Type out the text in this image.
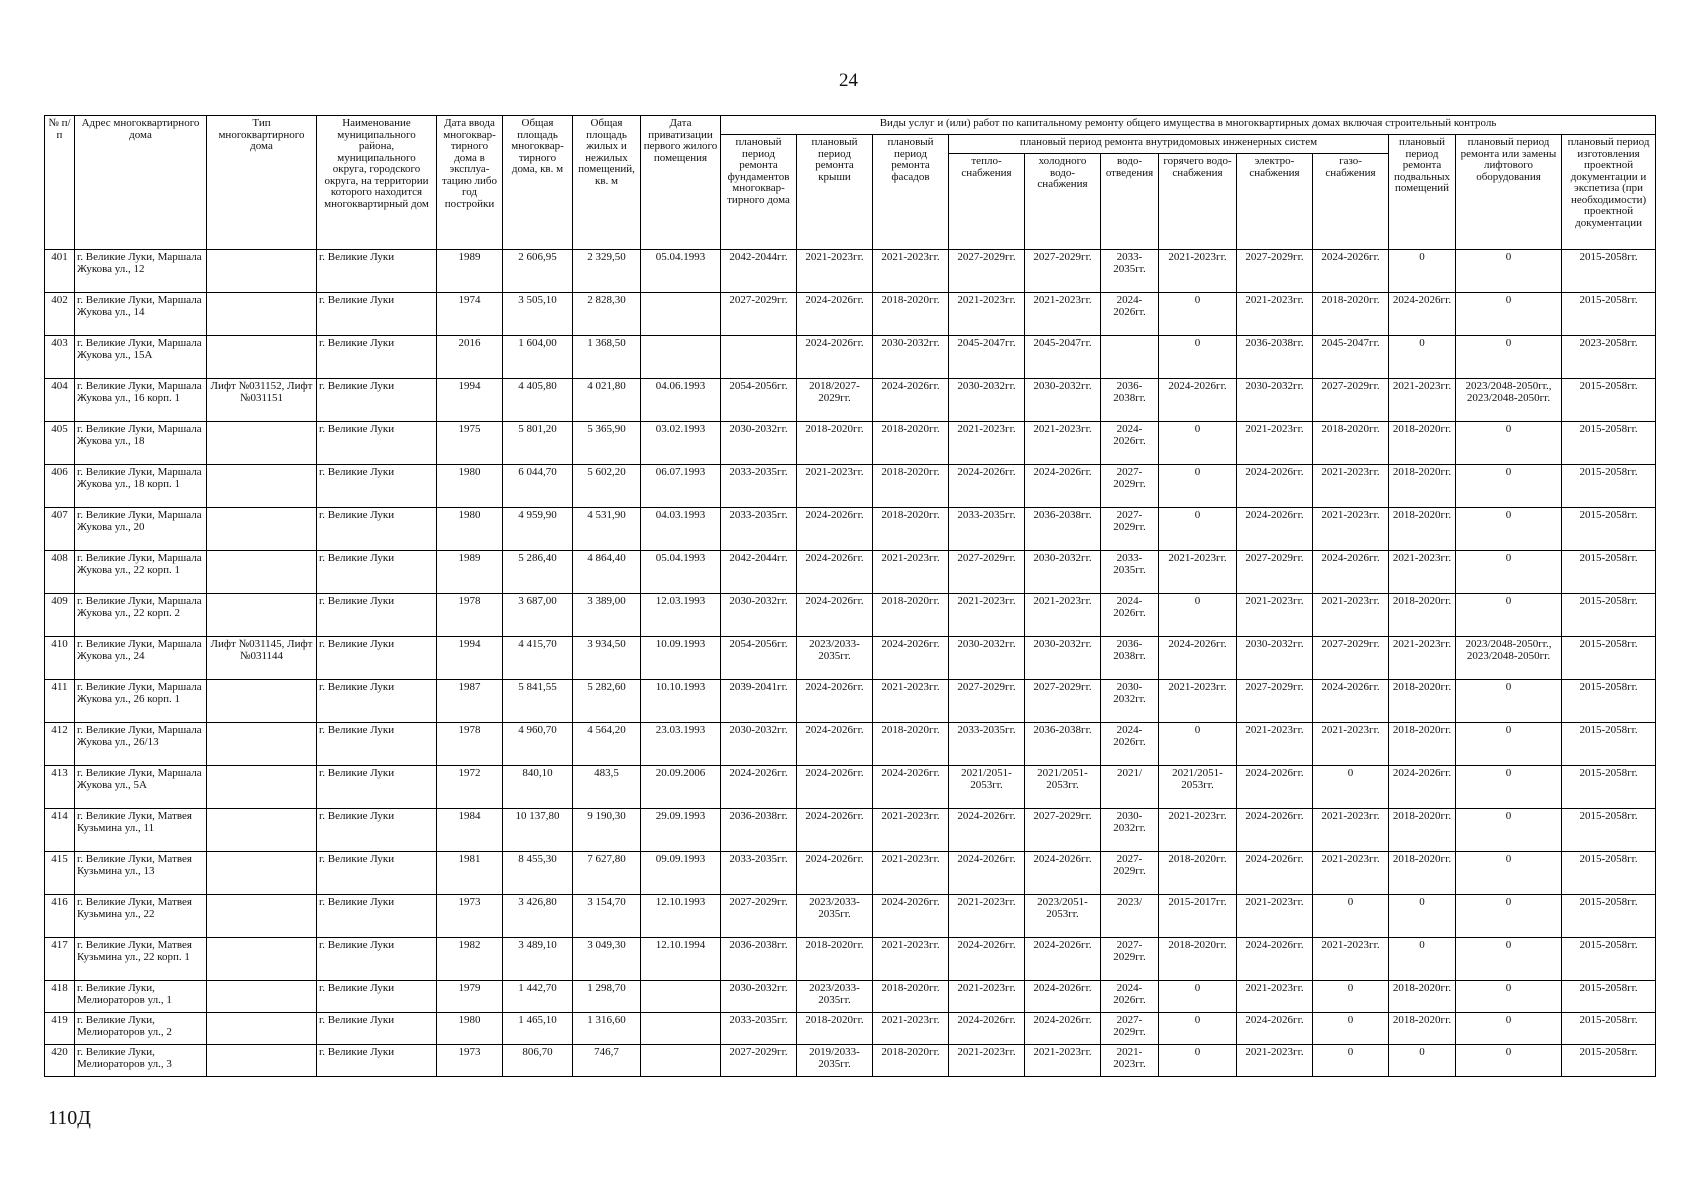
24
№ п/п	Адрес многоквартирного дома	Тип многоквартирного дома	Наименование муниципального района, муниципального округа, городского округа, на территории которого находится многоквартирный дом	Дата ввода многоквар-тирного дома в эксплуа-тацию либо год постройки	Общая площадь многоквар-тирного дома, кв. м	Общая площадь жилых и нежилых помещений, кв. м	Дата приватизации первого жилого помещения	Виды услуг и (или) работ по капитальному ремонту общего имущества в многоквартирных домах включая строительный контроль											
								плановый период ремонта фундаментов многоквар-тирного дома	плановый период ремонта крыши	плановый период ремонта фасадов	плановый период ремонта внутридомовых инженерных систем						плановый период ремонта подвальных помещений	плановый период ремонта или замены лифтового оборудования	плановый период изготовления проектной документации и экспетиза (при необходимости) проектной документации
											тепло-снабжения	холодного водо-снабжения	водо-отведения	горячего водо-снабжения	электро-снабжения	газо-снабжения			
401	г. Великие Луки, Маршала Жукова ул., 12		г. Великие Луки	1989	2 606,95	2 329,50	05.04.1993	2042-2044гг.	2021-2023гг.	2021-2023гг.	2027-2029гг.	2027-2029гг.	2033-2035гг.	2021-2023гг.	2027-2029гг.	2024-2026гг.	0	0	2015-2058гг.
402	г. Великие Луки, Маршала Жукова ул., 14		г. Великие Луки	1974	3 505,10	2 828,30		2027-2029гг.	2024-2026гг.	2018-2020гг.	2021-2023гг.	2021-2023гг.	2024-2026гг.	0	2021-2023гг.	2018-2020гг.	2024-2026гг.	0	2015-2058гг.
403	г. Великие Луки, Маршала Жукова ул., 15А		г. Великие Луки	2016	1 604,00	1 368,50			2024-2026гг.	2030-2032гг.	2045-2047гг.	2045-2047гг.		0	2036-2038гг.	2045-2047гг.	0	0	2023-2058гг.
404	г. Великие Луки, Маршала Жукова ул., 16 корп. 1	Лифт №031152, Лифт №031151	г. Великие Луки	1994	4 405,80	4 021,80	04.06.1993	2054-2056гг.	2018/2027-2029гг.	2024-2026гг.	2030-2032гг.	2030-2032гг.	2036-2038гг.	2024-2026гг.	2030-2032гг.	2027-2029гг.	2021-2023гг.	2023/2048-2050гг., 2023/2048-2050гг.	2015-2058гг.
405	г. Великие Луки, Маршала Жукова ул., 18		г. Великие Луки	1975	5 801,20	5 365,90	03.02.1993	2030-2032гг.	2018-2020гг.	2018-2020гг.	2021-2023гг.	2021-2023гг.	2024-2026гг.	0	2021-2023гг.	2018-2020гг.	2018-2020гг.	0	2015-2058гг.
406	г. Великие Луки, Маршала Жукова ул., 18 корп. 1		г. Великие Луки	1980	6 044,70	5 602,20	06.07.1993	2033-2035гг.	2021-2023гг.	2018-2020гг.	2024-2026гг.	2024-2026гг.	2027-2029гг.	0	2024-2026гг.	2021-2023гг.	2018-2020гг.	0	2015-2058гг.
407	г. Великие Луки, Маршала Жукова ул., 20		г. Великие Луки	1980	4 959,90	4 531,90	04.03.1993	2033-2035гг.	2024-2026гг.	2018-2020гг.	2033-2035гг.	2036-2038гг.	2027-2029гг.	0	2024-2026гг.	2021-2023гг.	2018-2020гг.	0	2015-2058гг.
408	г. Великие Луки, Маршала Жукова ул., 22 корп. 1		г. Великие Луки	1989	5 286,40	4 864,40	05.04.1993	2042-2044гг.	2024-2026гг.	2021-2023гг.	2027-2029гг.	2030-2032гг.	2033-2035гг.	2021-2023гг.	2027-2029гг.	2024-2026гг.	2021-2023гг.	0	2015-2058гг.
409	г. Великие Луки, Маршала Жукова ул., 22 корп. 2		г. Великие Луки	1978	3 687,00	3 389,00	12.03.1993	2030-2032гг.	2024-2026гг.	2018-2020гг.	2021-2023гг.	2021-2023гг.	2024-2026гг.	0	2021-2023гг.	2021-2023гг.	2018-2020гг.	0	2015-2058гг.
410	г. Великие Луки, Маршала Жукова ул., 24	Лифт №031145, Лифт №031144	г. Великие Луки	1994	4 415,70	3 934,50	10.09.1993	2054-2056гг.	2023/2033-2035гг.	2024-2026гг.	2030-2032гг.	2030-2032гг.	2036-2038гг.	2024-2026гг.	2030-2032гг.	2027-2029гг.	2021-2023гг.	2023/2048-2050гг., 2023/2048-2050гг.	2015-2058гг.
411	г. Великие Луки, Маршала Жукова ул., 26 корп. 1		г. Великие Луки	1987	5 841,55	5 282,60	10.10.1993	2039-2041гг.	2024-2026гг.	2021-2023гг.	2027-2029гг.	2027-2029гг.	2030-2032гг.	2021-2023гг.	2027-2029гг.	2024-2026гг.	2018-2020гг.	0	2015-2058гг.
412	г. Великие Луки, Маршала Жукова ул., 26/13		г. Великие Луки	1978	4 960,70	4 564,20	23.03.1993	2030-2032гг.	2024-2026гг.	2018-2020гг.	2033-2035гг.	2036-2038гг.	2024-2026гг.	0	2021-2023гг.	2021-2023гг.	2018-2020гг.	0	2015-2058гг.
413	г. Великие Луки, Маршала Жукова ул., 5А		г. Великие Луки	1972	840,10	483,5	20.09.2006	2024-2026гг.	2024-2026гг.	2024-2026гг.	2021/2051-2053гг.	2021/2051-2053гг.	2021/	2021/2051-2053гг.	2024-2026гг.	0	2024-2026гг.	0	2015-2058гг.
414	г. Великие Луки, Матвея Кузьмина ул., 11		г. Великие Луки	1984	10 137,80	9 190,30	29.09.1993	2036-2038гг.	2024-2026гг.	2021-2023гг.	2024-2026гг.	2027-2029гг.	2030-2032гг.	2021-2023гг.	2024-2026гг.	2021-2023гг.	2018-2020гг.	0	2015-2058гг.
415	г. Великие Луки, Матвея Кузьмина ул., 13		г. Великие Луки	1981	8 455,30	7 627,80	09.09.1993	2033-2035гг.	2024-2026гг.	2021-2023гг.	2024-2026гг.	2024-2026гг.	2027-2029гг.	2018-2020гг.	2024-2026гг.	2021-2023гг.	2018-2020гг.	0	2015-2058гг.
416	г. Великие Луки, Матвея Кузьмина ул., 22		г. Великие Луки	1973	3 426,80	3 154,70	12.10.1993	2027-2029гг.	2023/2033-2035гг.	2024-2026гг.	2021-2023гг.	2023/2051-2053гг.	2023/	2015-2017гг.	2021-2023гг.	0	0	0	2015-2058гг.
417	г. Великие Луки, Матвея Кузьмина ул., 22 корп. 1		г. Великие Луки	1982	3 489,10	3 049,30	12.10.1994	2036-2038гг.	2018-2020гг.	2021-2023гг.	2024-2026гг.	2024-2026гг.	2027-2029гг.	2018-2020гг.	2024-2026гг.	2021-2023гг.	0	0	2015-2058гг.
418	г. Великие Луки, Мелиораторов ул., 1		г. Великие Луки	1979	1 442,70	1 298,70		2030-2032гг.	2023/2033-2035гг.	2018-2020гг.	2021-2023гг.	2024-2026гг.	2024-2026гг.	0	2021-2023гг.	0	2018-2020гг.	0	2015-2058гг.
419	г. Великие Луки, Мелиораторов ул., 2		г. Великие Луки	1980	1 465,10	1 316,60		2033-2035гг.	2018-2020гг.	2021-2023гг.	2024-2026гг.	2024-2026гг.	2027-2029гг.	0	2024-2026гг.	0	2018-2020гг.	0	2015-2058гг.
420	г. Великие Луки, Мелиораторов ул., 3		г. Великие Луки	1973	806,70	746,7		2027-2029гг.	2019/2033-2035гг.	2018-2020гг.	2021-2023гг.	2021-2023гг.	2021-2023гг.	0	2021-2023гг.	0	0	0	2015-2058гг.
110Д
